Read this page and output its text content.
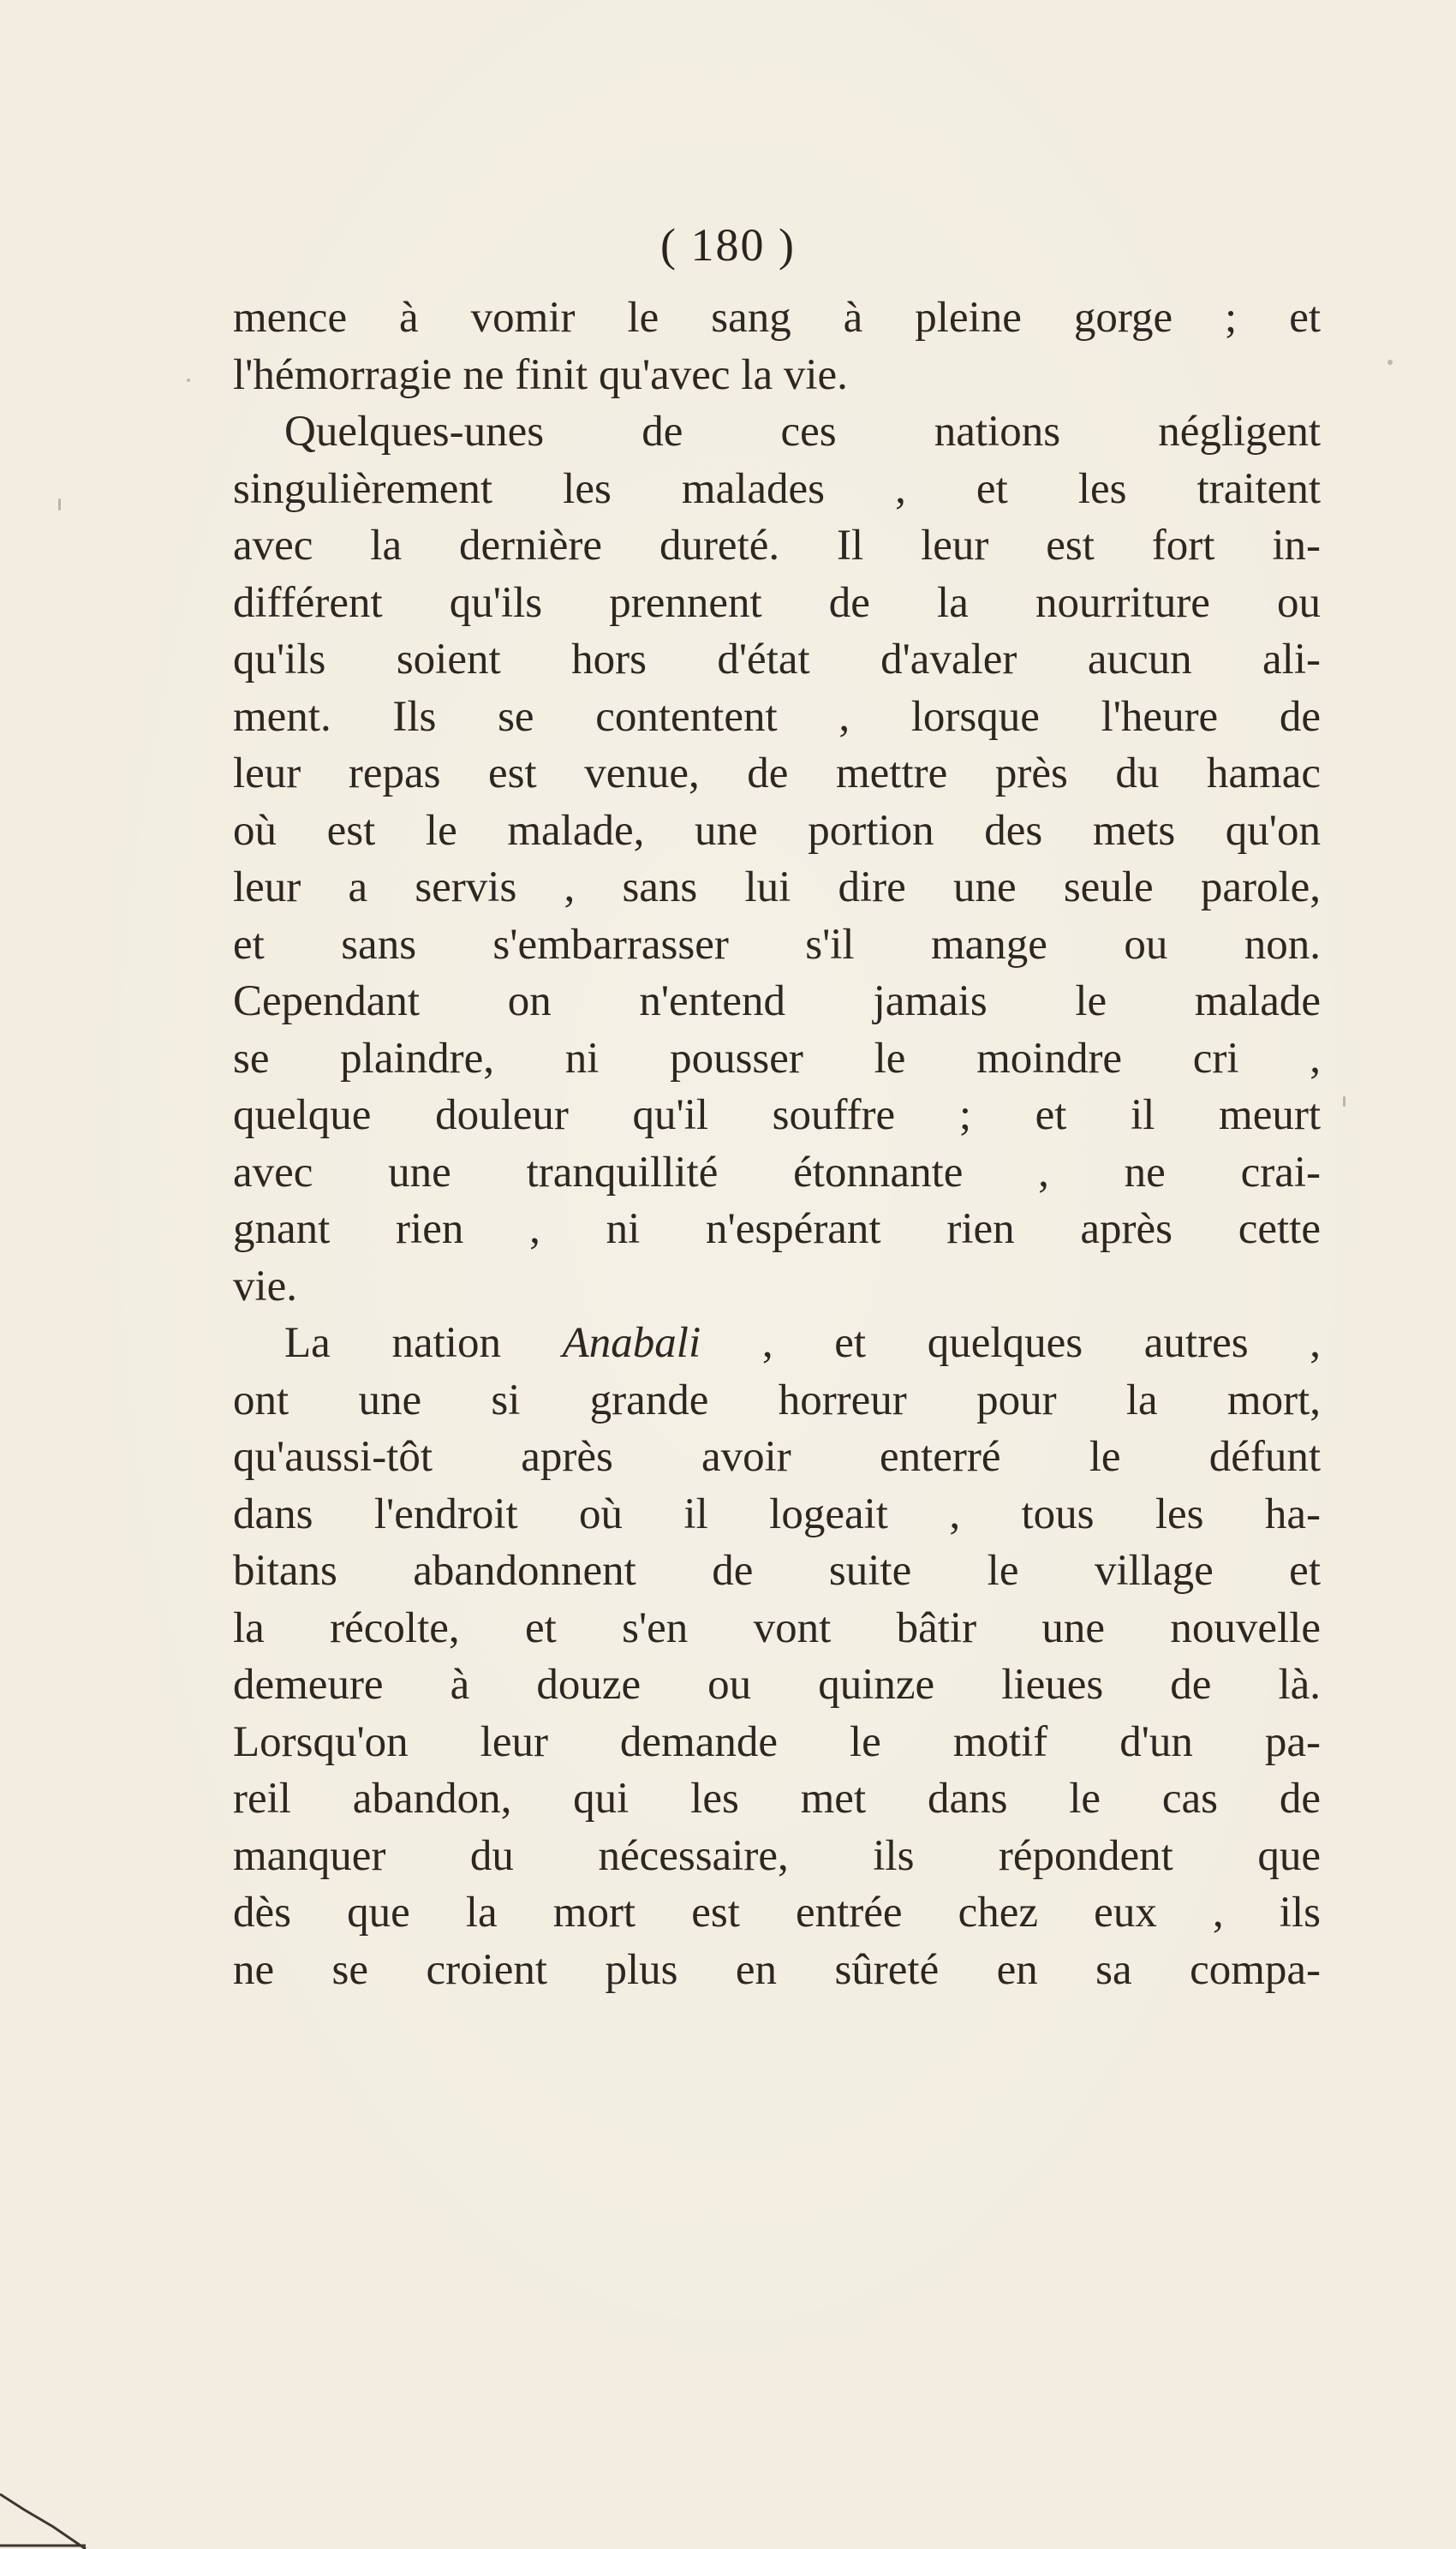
( 180 )
mence à vomir le sang à pleine gorge ; et
l'hémorragie ne finit qu'avec la vie.
Quelques-unes de ces nations négligent
singulièrement les malades , et les traitent
avec la dernière dureté. Il leur est fort in-
différent qu'ils prennent de la nourriture ou
qu'ils soient hors d'état d'avaler aucun ali-
ment. Ils se contentent , lorsque l'heure de
leur repas est venue, de mettre près du hamac
où est le malade, une portion des mets qu'on
leur a servis , sans lui dire une seule parole,
et sans s'embarrasser s'il mange ou non.
Cependant on n'entend jamais le malade
se plaindre, ni pousser le moindre cri ,
quelque douleur qu'il souffre ; et il meurt
avec une tranquillité étonnante , ne crai-
gnant rien , ni n'espérant rien après cette
vie.
La nation Anabali , et quelques autres ,
ont une si grande horreur pour la mort,
qu'aussi-tôt après avoir enterré le défunt
dans l'endroit où il logeait , tous les ha-
bitans abandonnent de suite le village et
la récolte, et s'en vont bâtir une nouvelle
demeure à douze ou quinze lieues de là.
Lorsqu'on leur demande le motif d'un pa-
reil abandon, qui les met dans le cas de
manquer du nécessaire, ils répondent que
dès que la mort est entrée chez eux , ils
ne se croient plus en sûreté en sa compa-
